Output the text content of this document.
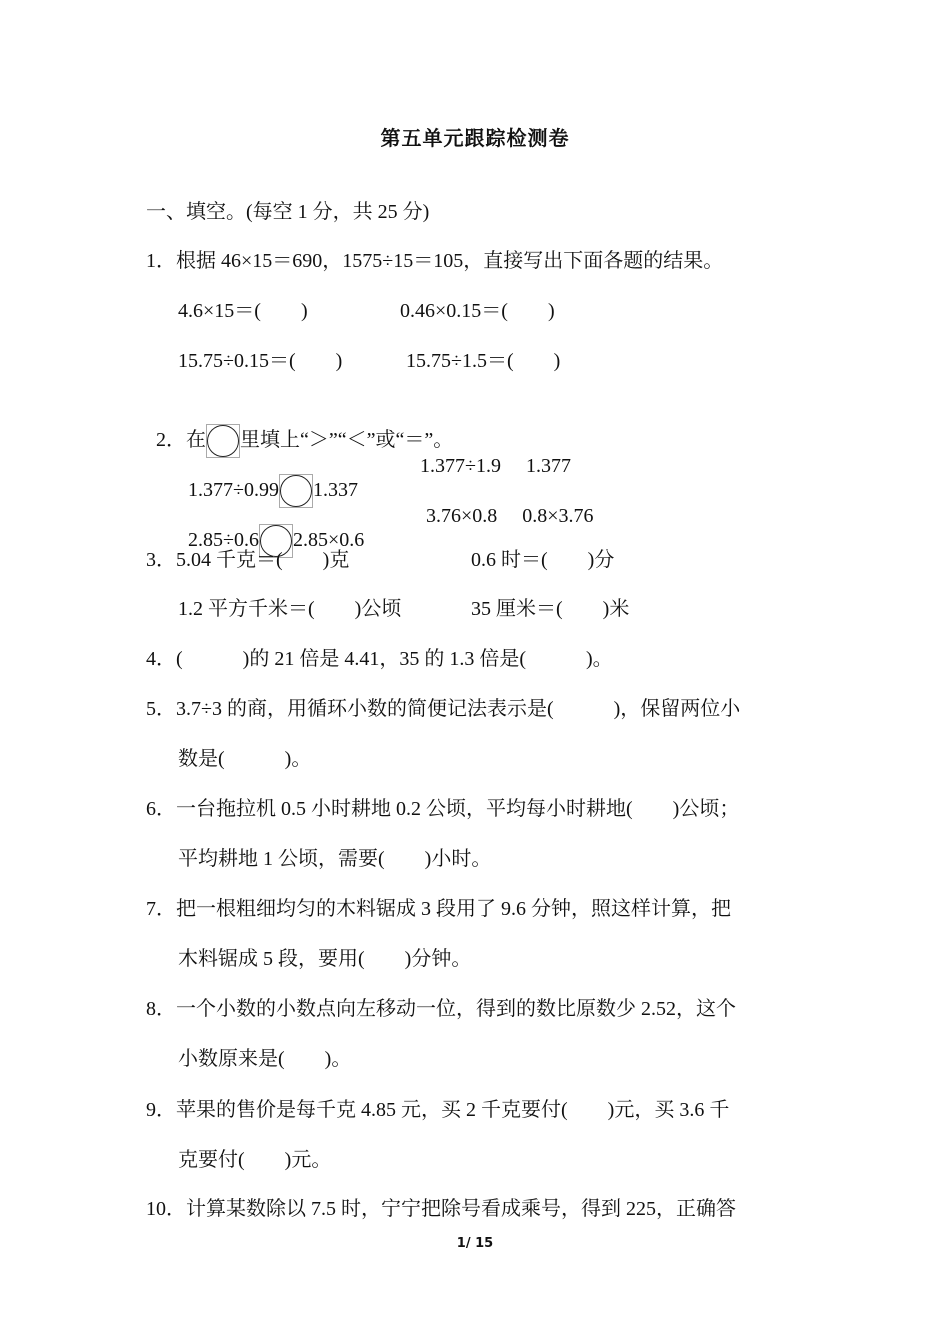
第五单元跟踪检测卷
一、填空。(每空 1 分，共 25 分)
1．根据 46×15＝690，1575÷15＝105，直接写出下面各题的结果。
4.6×15＝(　　)	0.46×0.15＝(　　)
15.75÷0.15＝(　　)	15.75÷1.5＝(　　)

2．在 里填上“＞”“＜”或“＝”。

1.377÷0.99 1.337

1.377÷1.9　 1.377

2.85÷0.6 2.85×0.6

3.76×0.8　 0.8×3.76
3．5.04 千克＝(　　)克	0.6 时＝(　　)分
1.2 平方千米＝(　　)公顷	35 厘米＝(　　)米
4．(　　　)的 21 倍是 4.41，35 的 1.3 倍是(　　　)。
5．3.7÷3 的商，用循环小数的简便记法表示是(　　　)，保留两位小
数是(　　　)。
6．一台拖拉机 0.5 小时耕地 0.2 公顷，平均每小时耕地(　　)公顷；
平均耕地 1 公顷，需要(　　)小时。
7．把一根粗细均匀的木料锯成 3 段用了 9.6 分钟，照这样计算，把
木料锯成 5 段，要用(　　)分钟。
8．一个小数的小数点向左移动一位，得到的数比原数少 2.52，这个
小数原来是(　　)。
9．苹果的售价是每千克 4.85 元，买 2 千克要付(　　)元，买 3.6 千
克要付(　　)元。
10．计算某数除以 7.5 时，宁宁把除号看成乘号，得到 225，正确答
1/ 15
